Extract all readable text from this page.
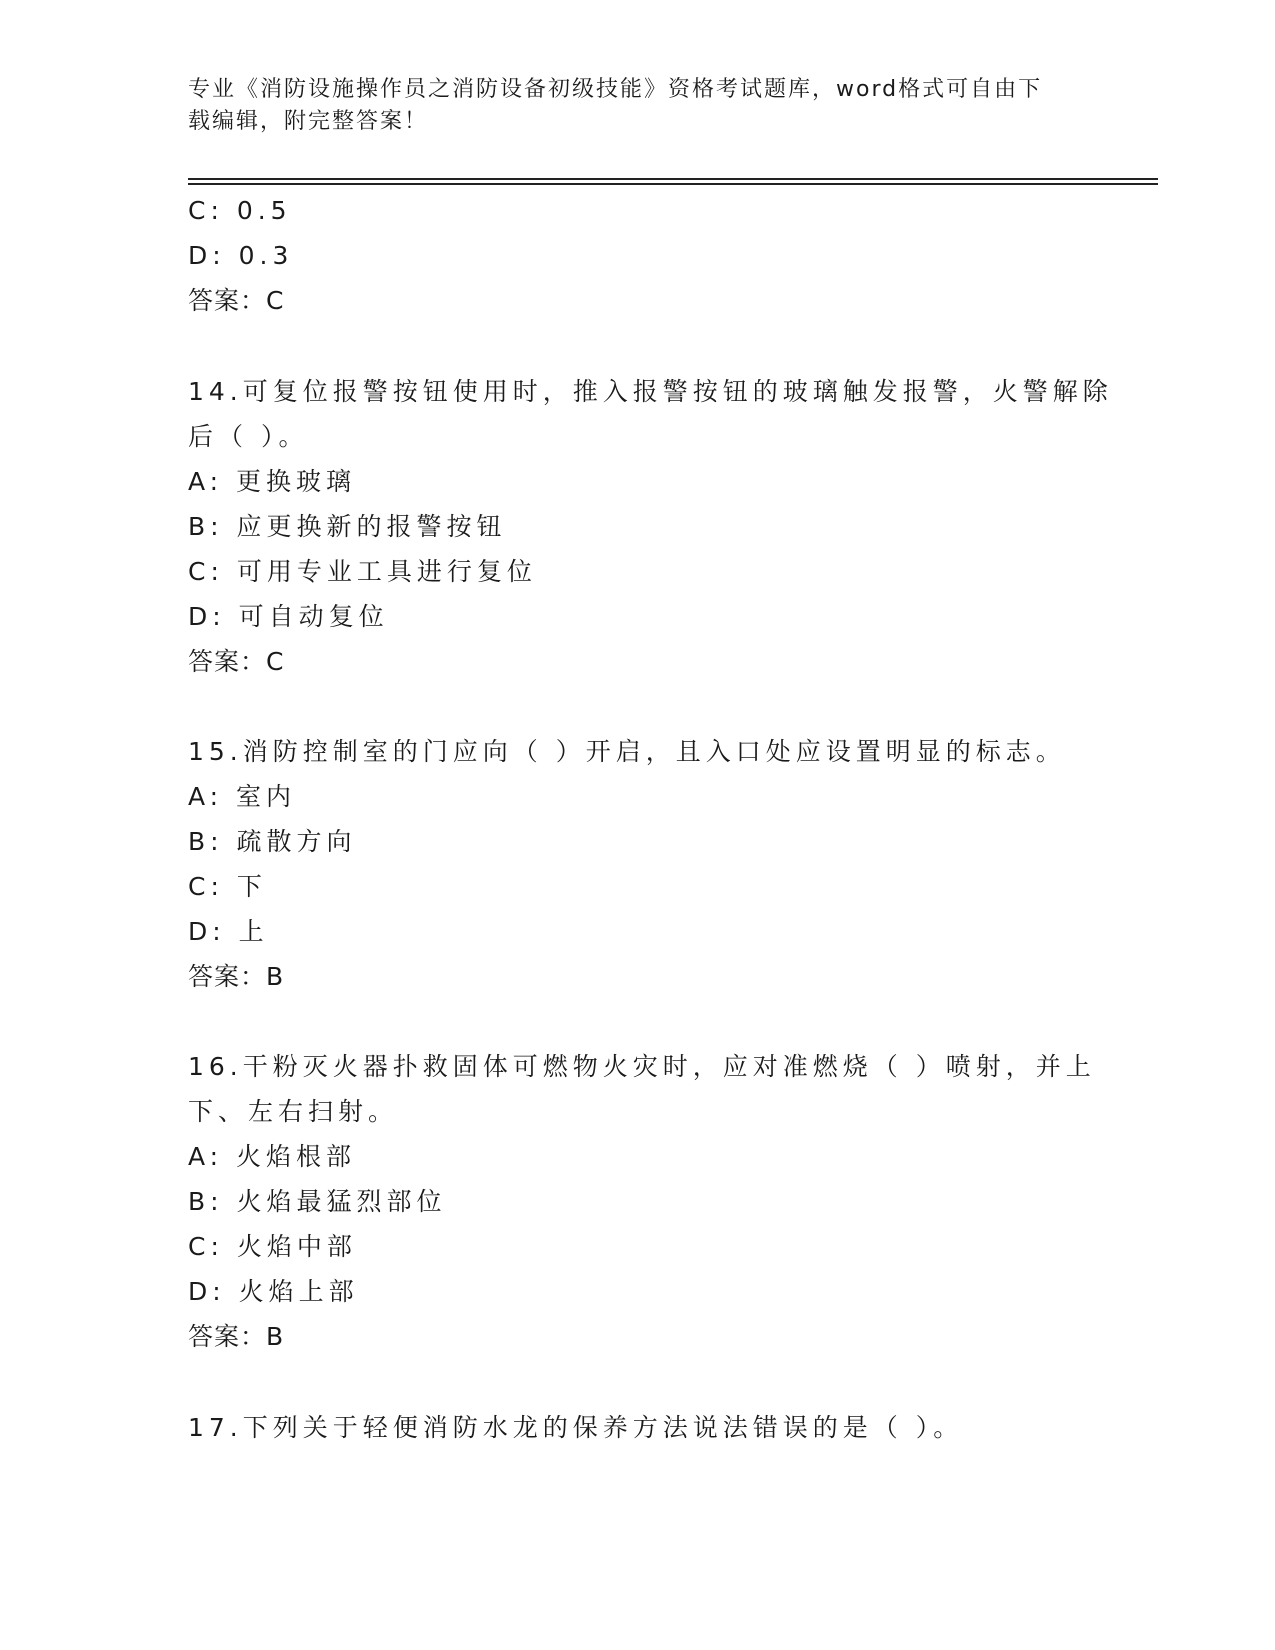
专业《消防设施操作员之消防设备初级技能》资格考试题库，word格式可自由下
载编辑，附完整答案！
C: 0.5
D: 0.3
答案：C
14.可复位报警按钮使用时，推入报警按钮的玻璃触发报警，火警解除
后（ ）。
A: 更换玻璃
B: 应更换新的报警按钮
C: 可用专业工具进行复位
D: 可自动复位
答案：C
15.消防控制室的门应向（ ）开启，且入口处应设置明显的标志。
A: 室内
B: 疏散方向
C: 下
D: 上
答案：B
16.干粉灭火器扑救固体可燃物火灾时，应对准燃烧（ ）喷射，并上
下、左右扫射。
A: 火焰根部
B: 火焰最猛烈部位
C: 火焰中部
D: 火焰上部
答案：B
17.下列关于轻便消防水龙的保养方法说法错误的是（ ）。
